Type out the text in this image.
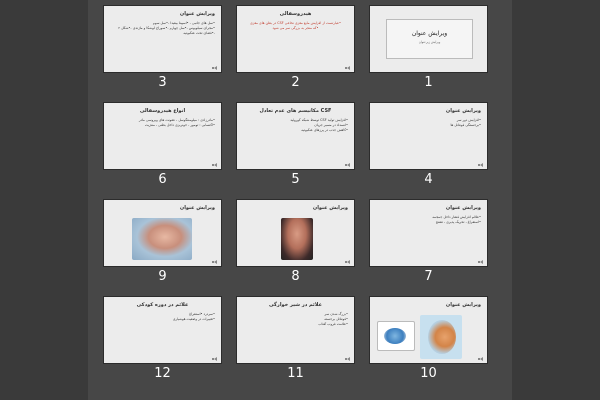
ویرایش عنوان
•سل های جانبی - •اسپینا بیفیدا -•سل سوم
•مجرای سیلویوس -•سل چهارم -•سوراخ لوشکا و ماژندی -•شکل ۲ -•فضای تحت عنکبوتیه
3
هیدروسفالی
•عبارتست از افزایش مایع مغزی نخاعی CSF در بطن های مغزی
•که منجر به بزرگی سر می شود
2
ویرایش عنوان
ویرایش زیرعنوان
1
انواع هیدروسفالی
•مادرزادی : میلومننگوسل ، عفونت های ویروسی مادر
•اکتسابی : تومور ، خونریزی داخل بطنی ، مننژیت
6
مکانیسم های عدم تعادل CSF
•افزایش تولید CSF توسط شبکه کوروئید
•انسداد در مسیر جریان
•کاهش جذب در پرزهای عنکبوتیه
5
ویرایش عنوان
•افزایش دور سر
•برجستگی فونتانل ها
4
ویرایش عنوان
9
ویرایش عنوان
8
ویرایش عنوان
•علائم افزایش فشار داخل جمجمه
•استفراغ ، تحریک پذیری ، تشنج
7
علائم در دوره کودکی
•سردرد •استفراغ
•تغییرات در وضعیت هوشیاری
12
علائم در شیر خوارگی
•بزرگ شدن سر
•فونتانل برجسته
•علامت غروب آفتاب
11
ویرایش عنوان
10
